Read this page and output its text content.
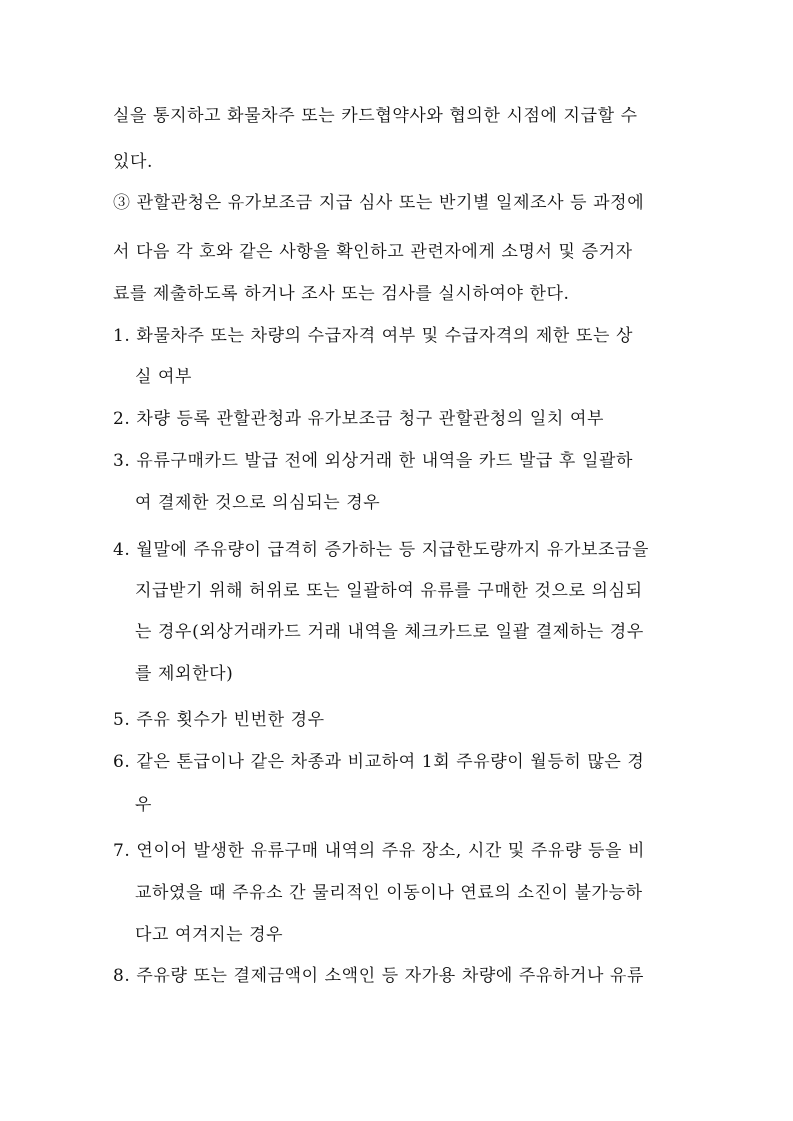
실을 통지하고 화물차주 또는 카드협약사와 협의한 시점에 지급할 수
있다.
③ 관할관청은 유가보조금 지급 심사 또는 반기별 일제조사 등 과정에
서 다음 각 호와 같은 사항을 확인하고 관련자에게 소명서 및 증거자
료를 제출하도록 하거나 조사 또는 검사를 실시하여야 한다.
1. 화물차주 또는 차량의 수급자격 여부 및 수급자격의 제한 또는 상
실 여부
2. 차량 등록 관할관청과 유가보조금 청구 관할관청의 일치 여부
3. 유류구매카드 발급 전에 외상거래 한 내역을 카드 발급 후 일괄하
여 결제한 것으로 의심되는 경우
4. 월말에 주유량이 급격히 증가하는 등 지급한도량까지 유가보조금을
지급받기 위해 허위로 또는 일괄하여 유류를 구매한 것으로 의심되
는 경우(외상거래카드 거래 내역을 체크카드로 일괄 결제하는 경우
를 제외한다)
5. 주유 횟수가 빈번한 경우
6. 같은 톤급이나 같은 차종과 비교하여 1회 주유량이 월등히 많은 경
우
7. 연이어 발생한 유류구매 내역의 주유 장소, 시간 및 주유량 등을 비
교하였을 때 주유소 간 물리적인 이동이나 연료의 소진이 불가능하
다고 여겨지는 경우
8. 주유량 또는 결제금액이 소액인 등 자가용 차량에 주유하거나 유류
